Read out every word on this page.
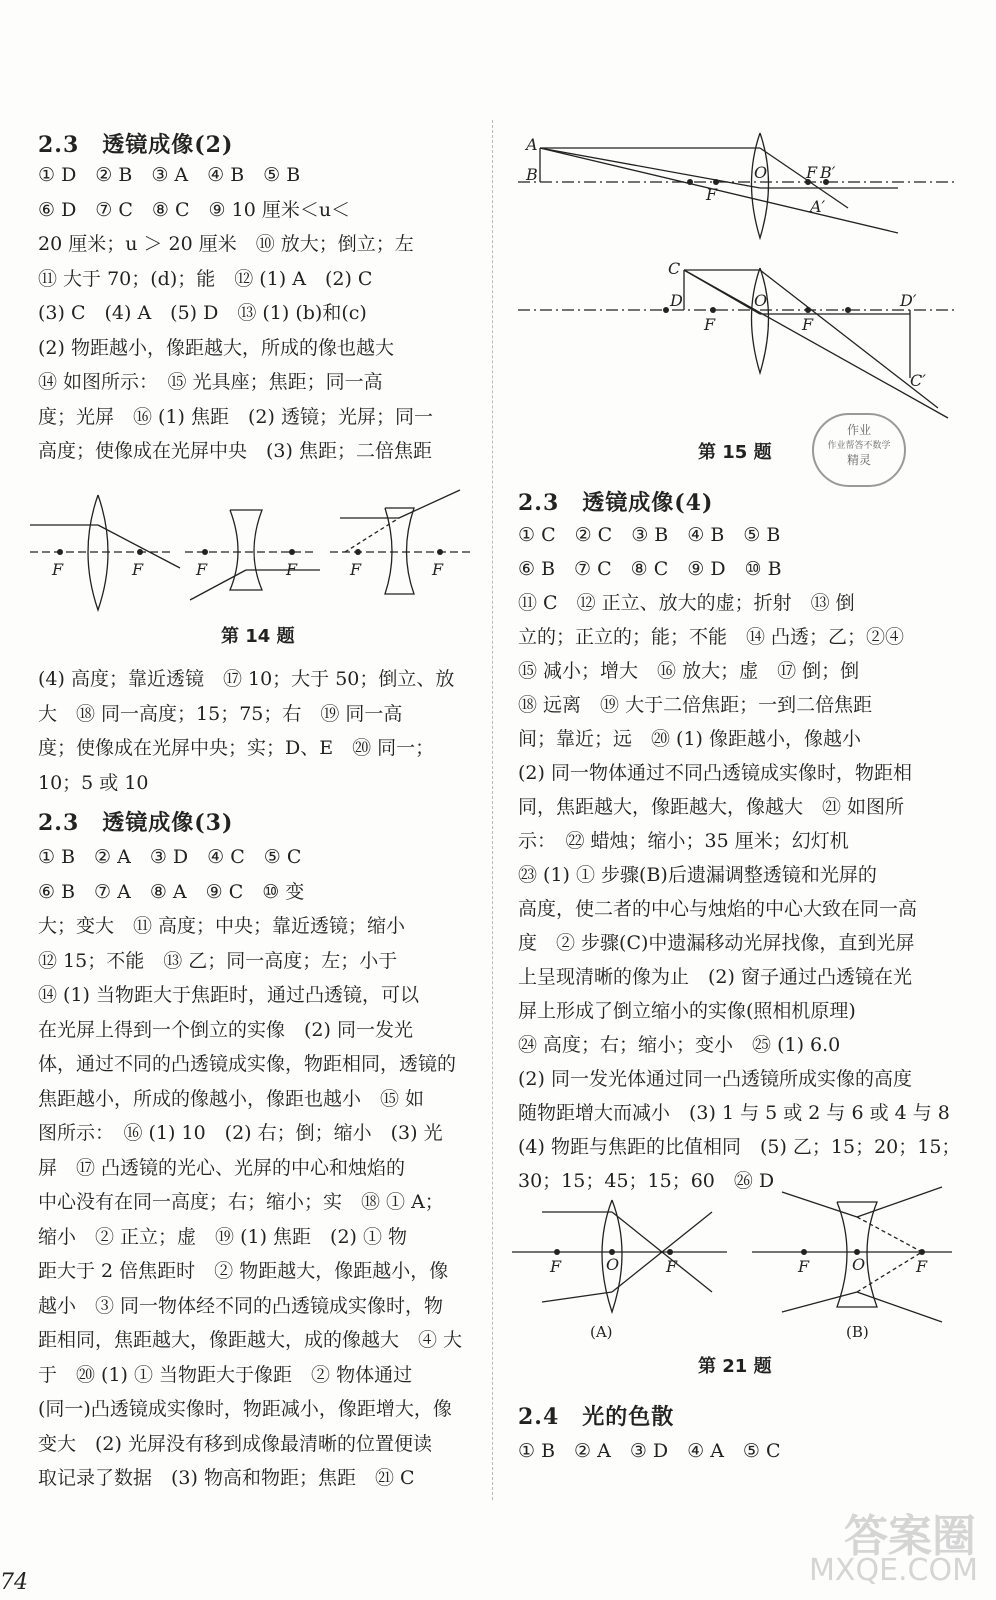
2.3　透镜成像(2)
① D　② B　③ A　④ B　⑤ B
⑥ D　⑦ C　⑧ C　⑨ 10 厘米＜u＜
20 厘米；u ＞ 20 厘米　⑩ 放大；倒立；左
⑪ 大于 70；(d)；能　⑫ (1) A　(2) C
(3) C　(4) A　(5) D　⑬ (1) (b)和(c)
(2) 物距越小，像距越大，所成的像也越大
⑭ 如图所示：　⑮ 光具座；焦距；同一高
度；光屏　⑯ (1) 焦距　(2) 透镜；光屏；同一
高度；使像成在光屏中央　(3) 焦距；二倍焦距
F	F	F	F	F	F
第 14 题
(4) 高度；靠近透镜　⑰ 10；大于 50；倒立、放
大　⑱ 同一高度；15；75；右　⑲ 同一高
度；使像成在光屏中央；实；D、E　⑳ 同一；
10；5 或 10
2.3　透镜成像(3)
① B　② A　③ D　④ C　⑤ C
⑥ B　⑦ A　⑧ A　⑨ C　⑩ 变
大；变大　⑪ 高度；中央；靠近透镜；缩小
⑫ 15；不能　⑬ 乙；同一高度；左；小于
⑭ (1) 当物距大于焦距时，通过凸透镜，可以
在光屏上得到一个倒立的实像　(2) 同一发光
体，通过不同的凸透镜成实像，物距相同，透镜的
焦距越小，所成的像越小，像距也越小　⑮ 如
图所示：　⑯ (1) 10　(2) 右；倒；缩小　(3) 光
屏　⑰ 凸透镜的光心、光屏的中心和烛焰的
中心没有在同一高度；右；缩小；实　⑱ ① A；
缩小　② 正立；虚　⑲ (1) 焦距　(2) ① 物
距大于 2 倍焦距时　② 物距越大，像距越小，像
越小　③ 同一物体经不同的凸透镜成实像时，物
距相同，焦距越大，像距越大，成的像越大　④ 大
于　⑳ (1) ① 当物距大于像距　② 物体通过
(同一)凸透镜成实像时，物距减小，像距增大，像
变大　(2) 光屏没有移到成像最清晰的位置便读
取记录了数据　(3) 物高和物距；焦距　㉑ C
A
B	O F B′
A′
F
C
D	O
F	F
D′
C′
第 15 题
2.3　透镜成像(4)
① C　② C　③ B　④ B　⑤ B
⑥ B　⑦ C　⑧ C　⑨ D　⑩ B
⑪ C　⑫ 正立、放大的虚；折射　⑬ 倒
立的；正立的；能；不能　⑭ 凸透；乙；②④
⑮ 减小；增大　⑯ 放大；虚　⑰ 倒；倒
⑱ 远离　⑲ 大于二倍焦距；一到二倍焦距
间；靠近；远　⑳ (1) 像距越小，像越小
(2) 同一物体通过不同凸透镜成实像时，物距相
同，焦距越大，像距越大，像越大　㉑ 如图所
示：　㉒ 蜡烛；缩小；35 厘米；幻灯机
㉓ (1) ① 步骤(B)后遗漏调整透镜和光屏的
高度，使二者的中心与烛焰的中心大致在同一高
度　② 步骤(C)中遗漏移动光屏找像，直到光屏
上呈现清晰的像为止　(2) 窗子通过凸透镜在光
屏上形成了倒立缩小的实像(照相机原理)
㉔ 高度；右；缩小；变小　㉕ (1) 6.0
(2) 同一发光体通过同一凸透镜所成实像的高度
随物距增大而减小　(3) 1 与 5 或 2 与 6 或 4 与 8
(4) 物距与焦距的比值相同　(5) 乙；15；20；15；
30；15；45；15；60　㉖ D
F	O	F	F	O	F
(A)	(B)
第 21 题
2.4　光的色散
① B　② A　③ D　④ A　⑤ C
作业
作业帮答不数学
精灵
74
答案圈
MXQE.COM
